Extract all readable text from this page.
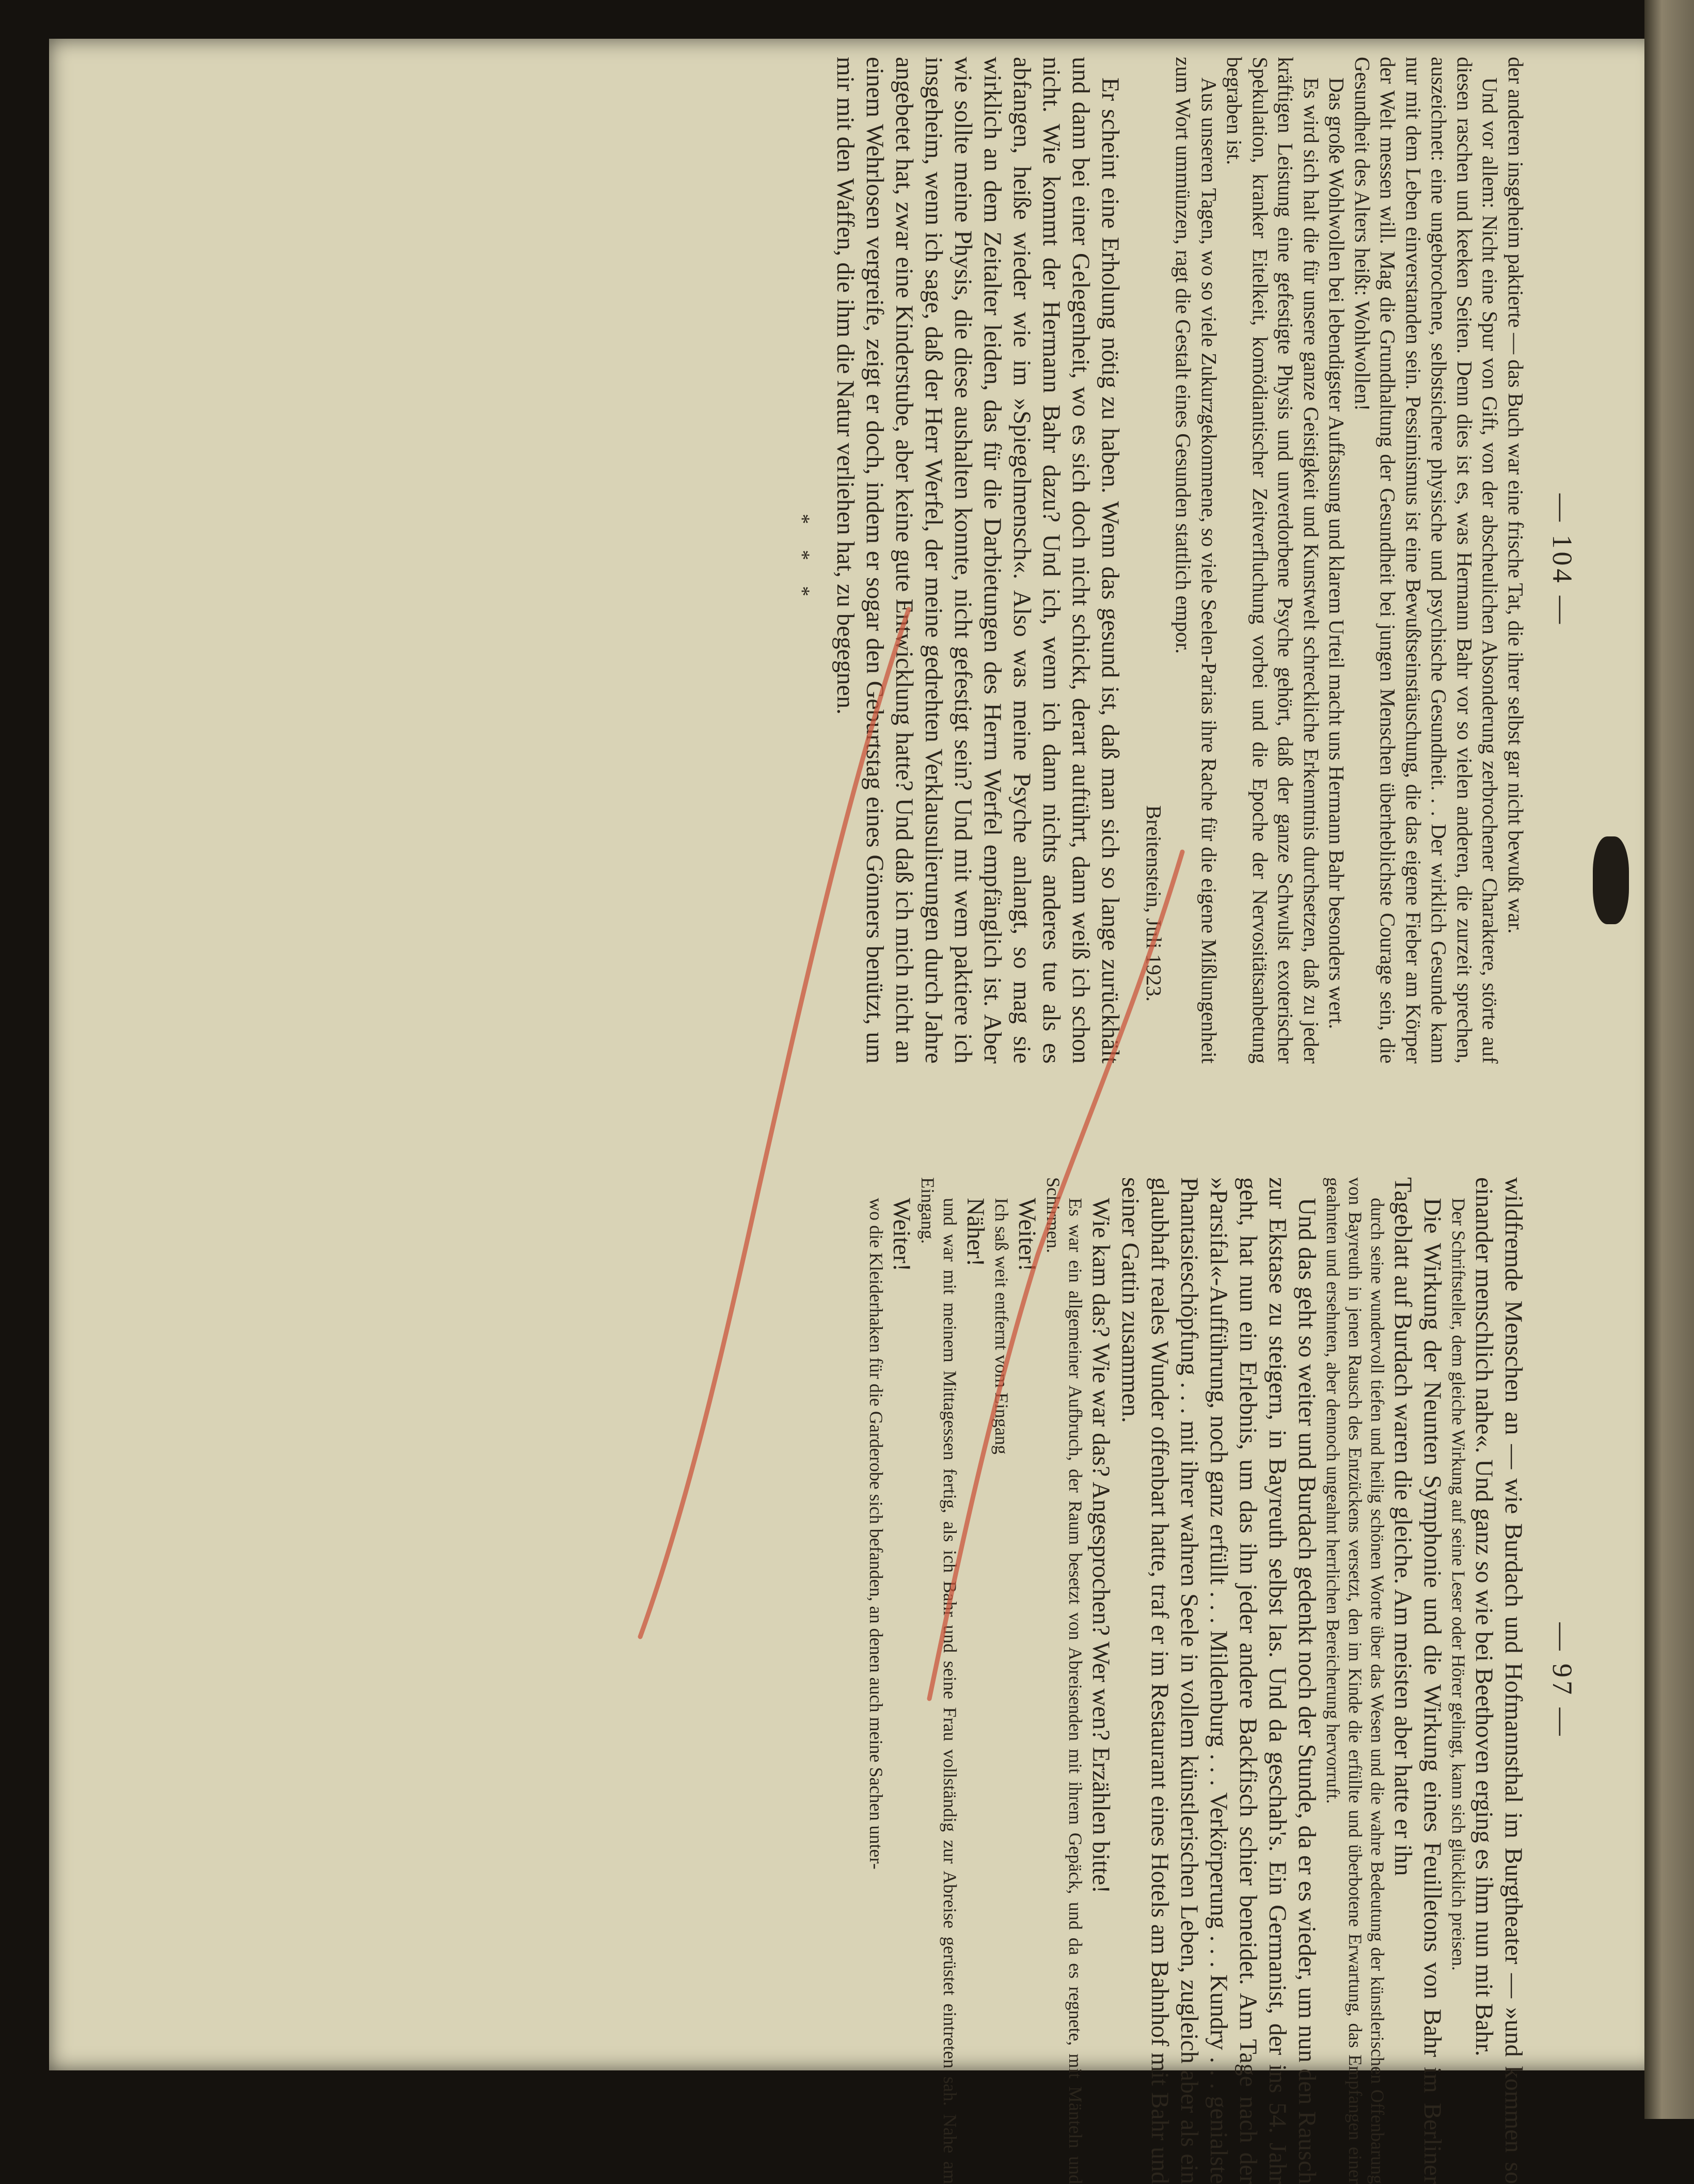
— 104 —

der anderen insgeheim paktierte — das Buch war eine frische Tat, die ihrer selbst gar nicht bewußt war.

Und vor allem: Nicht eine Spur von Gift, von der abscheulichen Absonderung zerbrochener Charaktere, störte auf diesen raschen und keeken Seiten. Denn dies ist es, was Hermann Bahr vor so vielen anderen, die zurzeit sprechen, auszeichnet: eine ungebrochene, selbstsichere physische und psychische Gesundheit. . . Der wirklich Gesunde kann nur mit dem Leben einverstanden sein. Pessimismus ist eine Bewußtseinstäuschung, die das eigene Fieber am Körper der Welt messen will. Mag die Grundhaltung der Gesundheit bei jungen Menschen überheblichste Courage sein, die Gesundheit des Alters heißt: Wohlwollen!

Das große Wohlwollen bei lebendigster Auffassung und klarem Urteil macht uns Hermann Bahr besonders wert.

Es wird sich halt die für unsere ganze Geistigkeit und Kunstwelt schreckliche Erkenntnis durchsetzen, daß zu jeder kräftigen Leistung eine gefestigte Physis und unverdorbene Psyche gehört, daß der ganze Schwulst exoterischer Spekulation, kranker Eitelkeit, komödiantischer Zeitverfluchung vorbei und die Epoche der Nervositätsanbetung begraben ist.

Aus unseren Tagen, wo so viele Zukurzgekommene, so viele Seelen-Parias ihre Rache für die eigene Mißlungenheit zum Wort ummünzen, ragt die Gestalt eines Gesunden stattlich empor.

Breitenstein, Juli 1923.

Er scheint eine Erholung nötig zu haben. Wenn das gesund ist, daß man sich so lange zurückhält und dann bei einer Gelegenheit, wo es sich doch nicht schickt, derart auftührt, dann weiß ich schon nicht. Wie kommt der Hermann Bahr dazu? Und ich, wenn ich dann nichts anderes tue als es abfangen, heiße wieder wie im »Spiegelmensch«. Also was meine Psyche anlangt, so mag sie wirklich an dem Zeitalter leiden, das für die Darbietungen des Herrn Werfel empfänglich ist. Aber wie sollte meine Physis, die diese aushalten konnte, nicht gefestigt sein? Und mit wem paktiere ich insgeheim, wenn ich sage, daß der Herr Werfel, der meine gedrehten Verklausulierungen durch Jahre angebetet hat, zwar eine Kinderstube, aber keine gute Entwicklung hatte? Und daß ich mich nicht an einem Wehrlosen vergreife, zeigt er doch, indem er sogar den Geburtstag eines Gönners benützt, um mir mit den Waffen, die ihm die Natur verliehen hat, zu begegnen.

* * *
— 97 —

wildfremde Menschen an — wie Burdach und Hofmannsthal im Burgtheater — »und kommen so einander menschlich nahe«. Und ganz so wie bei Beethoven erging es ihm nun mit Bahr.

Der Schriftsteller, dem gleiche Wirkung auf seine Leser oder Hörer gelingt, kann sich glücklich preisen.

Die Wirkung der Neunten Symphonie und die Wirkung eines Feuilletons von Bahr im Berliner Tageblatt auf Burdach waren die gleiche. Am meisten aber hatte er ihn

durch seine wundervoll tiefen und heilig schönen Worte über das Wesen und die wahre Bedeutung der künstlerischen Offenbarung von Bayreuth in jenen Rausch des Entzückens versetzt, den im Kinde die erfüllte und überbotene Erwartung, das Empfangen einer geahnten und ersehnten, aber dennoch ungeahnt herrlichen Bereicherung hervorruft.

Und das geht so weiter und Burdach gedenkt noch der Stunde, da er es wieder, um nun den Rausch zur Ekstase zu steigern, in Bayreuth selbst las. Und da geschah's. Ein Germanist, der ins 54. Jahr geht, hat nun ein Erlebnis, um das ihn jeder andere Backfisch schier beneidet. Am Tage nach der »Parsifal«-Aufführung, noch ganz erfüllt . . . Mildenburg . . . Verkörperung . . . Kundry . . . genialste Phantasieschöpfung . . . mit ihrer wahren Seele in vollem künstlerischen Leben, zugleich aber als ein glaubhaft reales Wunder offenbart hatte, traf er im Restaurant eines Hotels am Bahnhof mit Bahr und seiner Gattin zusammen.

Wie kam das? Wie war das? Angesprochen? Wer wen? Erzählen bitte!

Es war ein allgemeiner Aufbruch, der Raum besetzt von Abreisenden mit ihrem Gepäck, und da es regnete, mit Mänteln und Schirmen.

Weiter!

Ich saß weit entfernt vom Eingang

Näher!

und war mit meinem Mittagessen fertig, als ich Bahr und seine Frau vollständig zur Abreise gerüstet eintreten sah. Nahe am Eingang.

Weiter!

wo die Kleiderhaken für die Garderobe sich befanden, an denen auch meine Sachen unter-
